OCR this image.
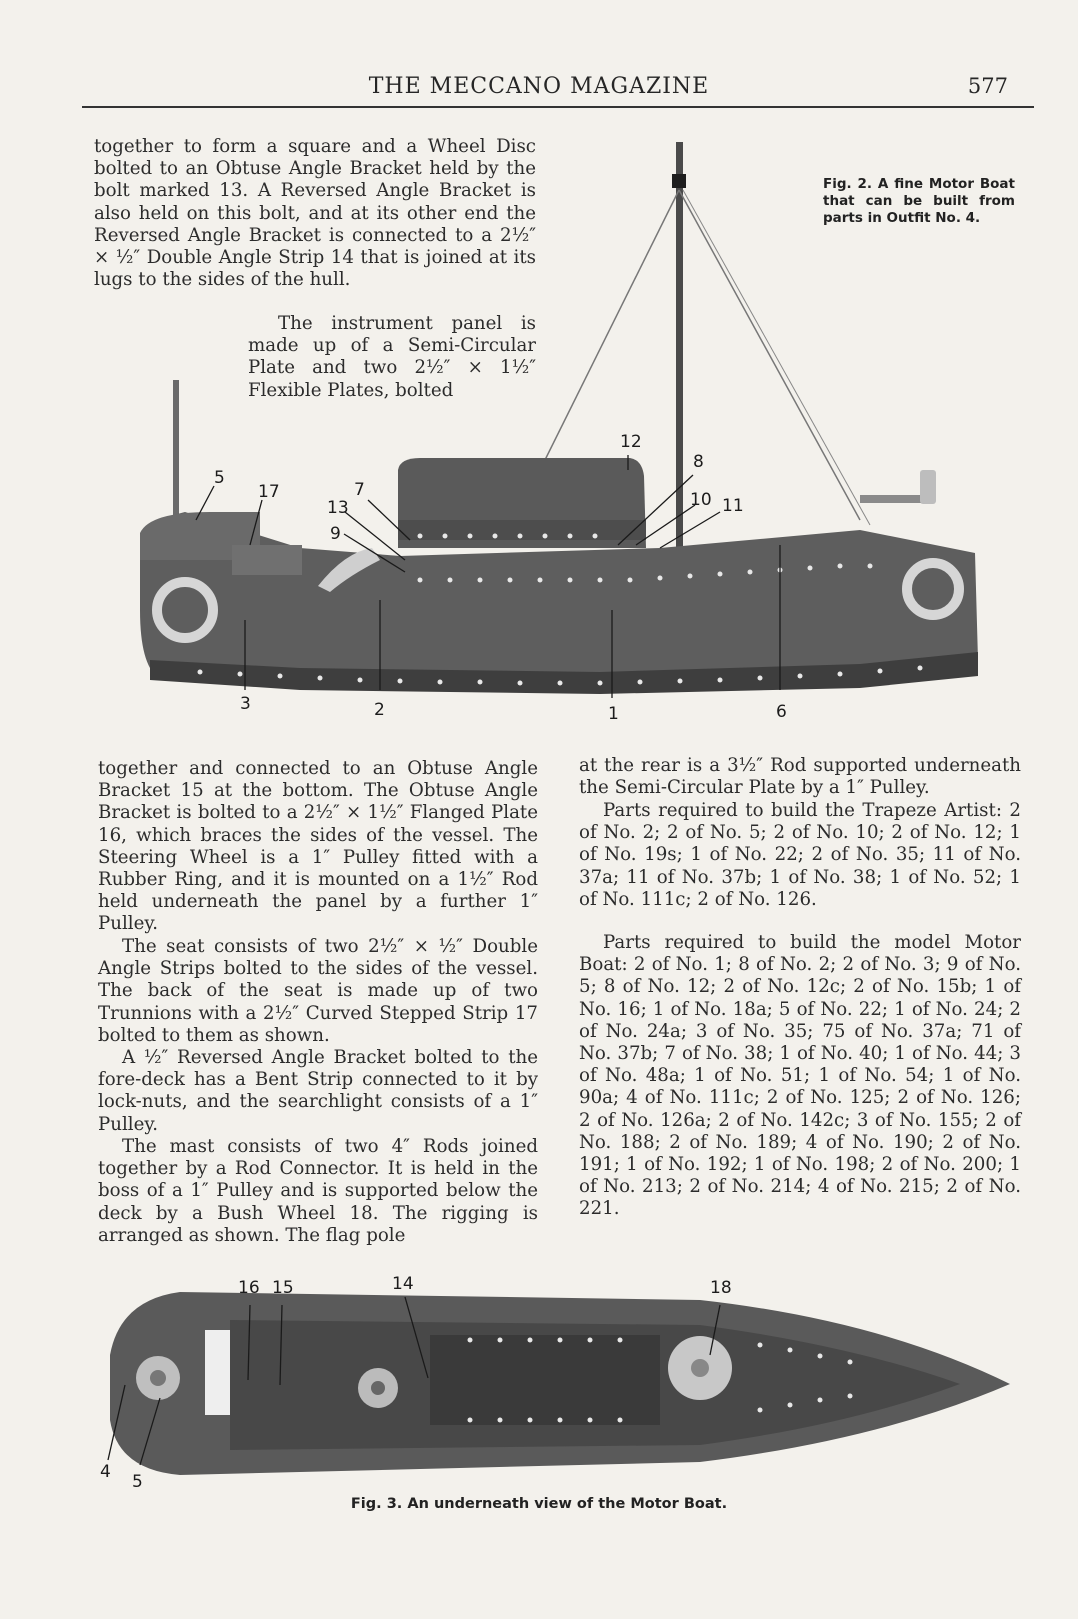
THE MECCANO MAGAZINE	577

together to form a square and a Wheel Disc bolted to an Obtuse Angle Bracket held by the bolt marked 13. A Reversed Angle Bracket is also held on this bolt, and at its other end the Reversed Angle Bracket is connected to a 2½″ × ½″ Double Angle Strip 14 that is joined at its lugs to the sides of the hull.

The instrument panel is made up of a Semi-Circular Plate and two 2½″ × 1½″ Flexible Plates, bolted

Fig. 2. A fine Motor Boat that can be built from parts in Outfit No. 4.

12
8
10 11
5
17	7
13
9
3	2	1	6

together and connected to an Obtuse Angle Bracket 15 at the bottom. The Obtuse Angle Bracket is bolted to a 2½″ × 1½″ Flanged Plate 16, which braces the sides of the vessel. The Steering Wheel is a 1″ Pulley fitted with a Rubber Ring, and it is mounted on a 1½″ Rod held underneath the panel by a further 1″ Pulley.

The seat consists of two 2½″ × ½″ Double Angle Strips bolted to the sides of the vessel. The back of the seat is made up of two Trunnions with a 2½″ Curved Stepped Strip 17 bolted to them as shown.

A ½″ Reversed Angle Bracket bolted to the fore-deck has a Bent Strip connected to it by lock-nuts, and the searchlight consists of a 1″ Pulley.

The mast consists of two 4″ Rods joined together by a Rod Connector. It is held in the boss of a 1″ Pulley and is supported below the deck by a Bush Wheel 18. The rigging is arranged as shown. The flag pole

at the rear is a 3½″ Rod supported underneath the Semi-Circular Plate by a 1″ Pulley.

Parts required to build the Trapeze Artist: 2 of No. 2; 2 of No. 5; 2 of No. 10; 2 of No. 12; 1 of No. 19s; 1 of No. 22; 2 of No. 35; 11 of No. 37a; 11 of No. 37b; 1 of No. 38; 1 of No. 52; 1 of No. 111c; 2 of No. 126.

Parts required to build the model Motor Boat: 2 of No. 1; 8 of No. 2; 2 of No. 3; 9 of No. 5; 8 of No. 12; 2 of No. 12c; 2 of No. 15b; 1 of No. 16; 1 of No. 18a; 5 of No. 22; 1 of No. 24; 2 of No. 24a; 3 of No. 35; 75 of No. 37a; 71 of No. 37b; 7 of No. 38; 1 of No. 40; 1 of No. 44; 3 of No. 48a; 1 of No. 51; 1 of No. 54; 1 of No. 90a; 4 of No. 111c; 2 of No. 125; 2 of No. 126; 2 of No. 126a; 2 of No. 142c; 3 of No. 155; 2 of No. 188; 2 of No. 189; 4 of No. 190; 2 of No. 191; 1 of No. 192; 1 of No. 198; 2 of No. 200; 1 of No. 213; 2 of No. 214; 4 of No. 215; 2 of No. 221.

16 15	14	18
4 5

Fig. 3. An underneath view of the Motor Boat.
